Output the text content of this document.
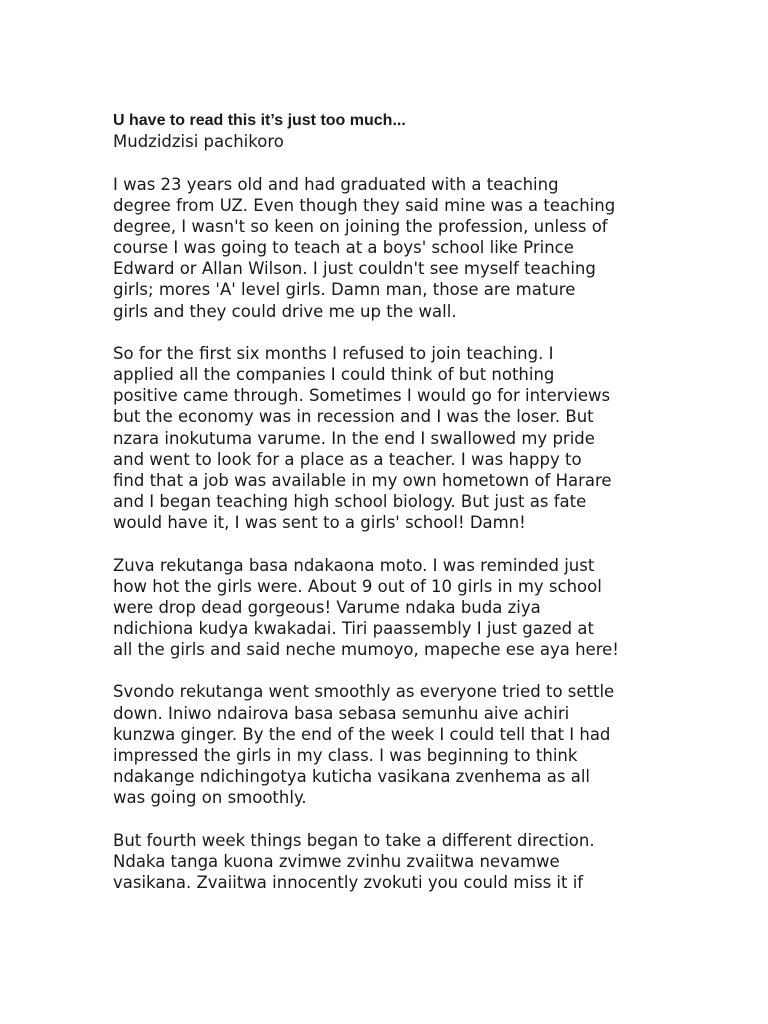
U have to read this it’s just too much...

Mudzidzisi pachikoro

I was 23 years old and had graduated with a teaching
degree from UZ. Even though they said mine was a teaching
degree, I wasn't so keen on joining the profession, unless of
course I was going to teach at a boys' school like Prince
Edward or Allan Wilson. I just couldn't see myself teaching
girls; mores 'A' level girls. Damn man, those are mature
girls and they could drive me up the wall.

So for the first six months I refused to join teaching. I
applied all the companies I could think of but nothing
positive came through. Sometimes I would go for interviews
but the economy was in recession and I was the loser. But
nzara inokutuma varume. In the end I swallowed my pride
and went to look for a place as a teacher. I was happy to
find that a job was available in my own hometown of Harare
and I began teaching high school biology. But just as fate
would have it, I was sent to a girls' school! Damn!

Zuva rekutanga basa ndakaona moto. I was reminded just
how hot the girls were. About 9 out of 10 girls in my school
were drop dead gorgeous! Varume ndaka buda ziya
ndichiona kudya kwakadai. Tiri paassembly I just gazed at
all the girls and said neche mumoyo, mapeche ese aya here!

Svondo rekutanga went smoothly as everyone tried to settle
down. Iniwo ndairova basa sebasa semunhu aive achiri
kunzwa ginger. By the end of the week I could tell that I had
impressed the girls in my class. I was beginning to think
ndakange ndichingotya kuticha vasikana zvenhema as all
was going on smoothly.

But fourth week things began to take a different direction.
Ndaka tanga kuona zvimwe zvinhu zvaiitwa nevamwe
vasikana. Zvaiitwa innocently zvokuti you could miss it if
